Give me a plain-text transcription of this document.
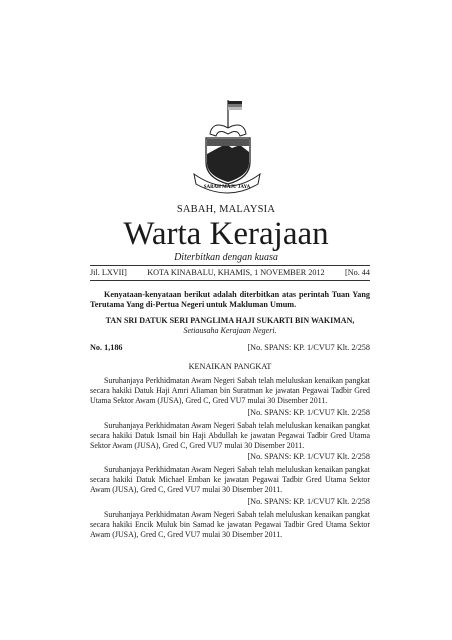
SABAH MAJU JAYA
SABAH, MALAYSIA
Warta Kerajaan
Diterbitkan dengan kuasa
Jil. LXVII] KOTA KINABALU, KHAMIS, 1 NOVEMBER 2012 [No. 44
Kenyataan-kenyataan berikut adalah diterbitkan atas perintah Tuan Yang Terutama Yang di-Pertua Negeri untuk Makluman Umum.
TAN SRI DATUK SERI PANGLIMA HAJI SUKARTI BIN WAKIMAN,
Setiausaha Kerajaan Negeri.
No. 1,186	[No. SPANS: KP. 1/CVU7 Klt. 2/258
KENAIKAN PANGKAT
Suruhanjaya Perkhidmatan Awam Negeri Sabah telah meluluskan kenaikan pangkat secara hakiki Datuk Haji Amri Aliaman bin Suratman ke jawatan Pegawai Tadbir Gred Utama Sektor Awam (JUSA), Gred C, Gred VU7 mulai 30 Disember 2011.
[No. SPANS: KP. 1/CVU7 Klt. 2/258
Suruhanjaya Perkhidmatan Awam Negeri Sabah telah meluluskan kenaikan pangkat secara hakiki Datuk Ismail bin Haji Abdullah ke jawatan Pegawai Tadbir Gred Utama Sektor Awam (JUSA), Gred C, Gred VU7 mulai 30 Disember 2011.
[No. SPANS: KP. 1/CVU7 Klt. 2/258
Suruhanjaya Perkhidmatan Awam Negeri Sabah telah meluluskan kenaikan pangkat secara hakiki Datuk Michael Emban ke jawatan Pegawai Tadbir Gred Utama Sektor Awam (JUSA), Gred C, Gred VU7 mulai 30 Disember 2011.
[No. SPANS: KP. 1/CVU7 Klt. 2/258
Suruhanjaya Perkhidmatan Awam Negeri Sabah telah meluluskan kenaikan pangkat secara hakiki Encik Muluk bin Samad ke jawatan Pegawai Tadbir Gred Utama Sektor Awam (JUSA), Gred C, Gred VU7 mulai 30 Disember 2011.
